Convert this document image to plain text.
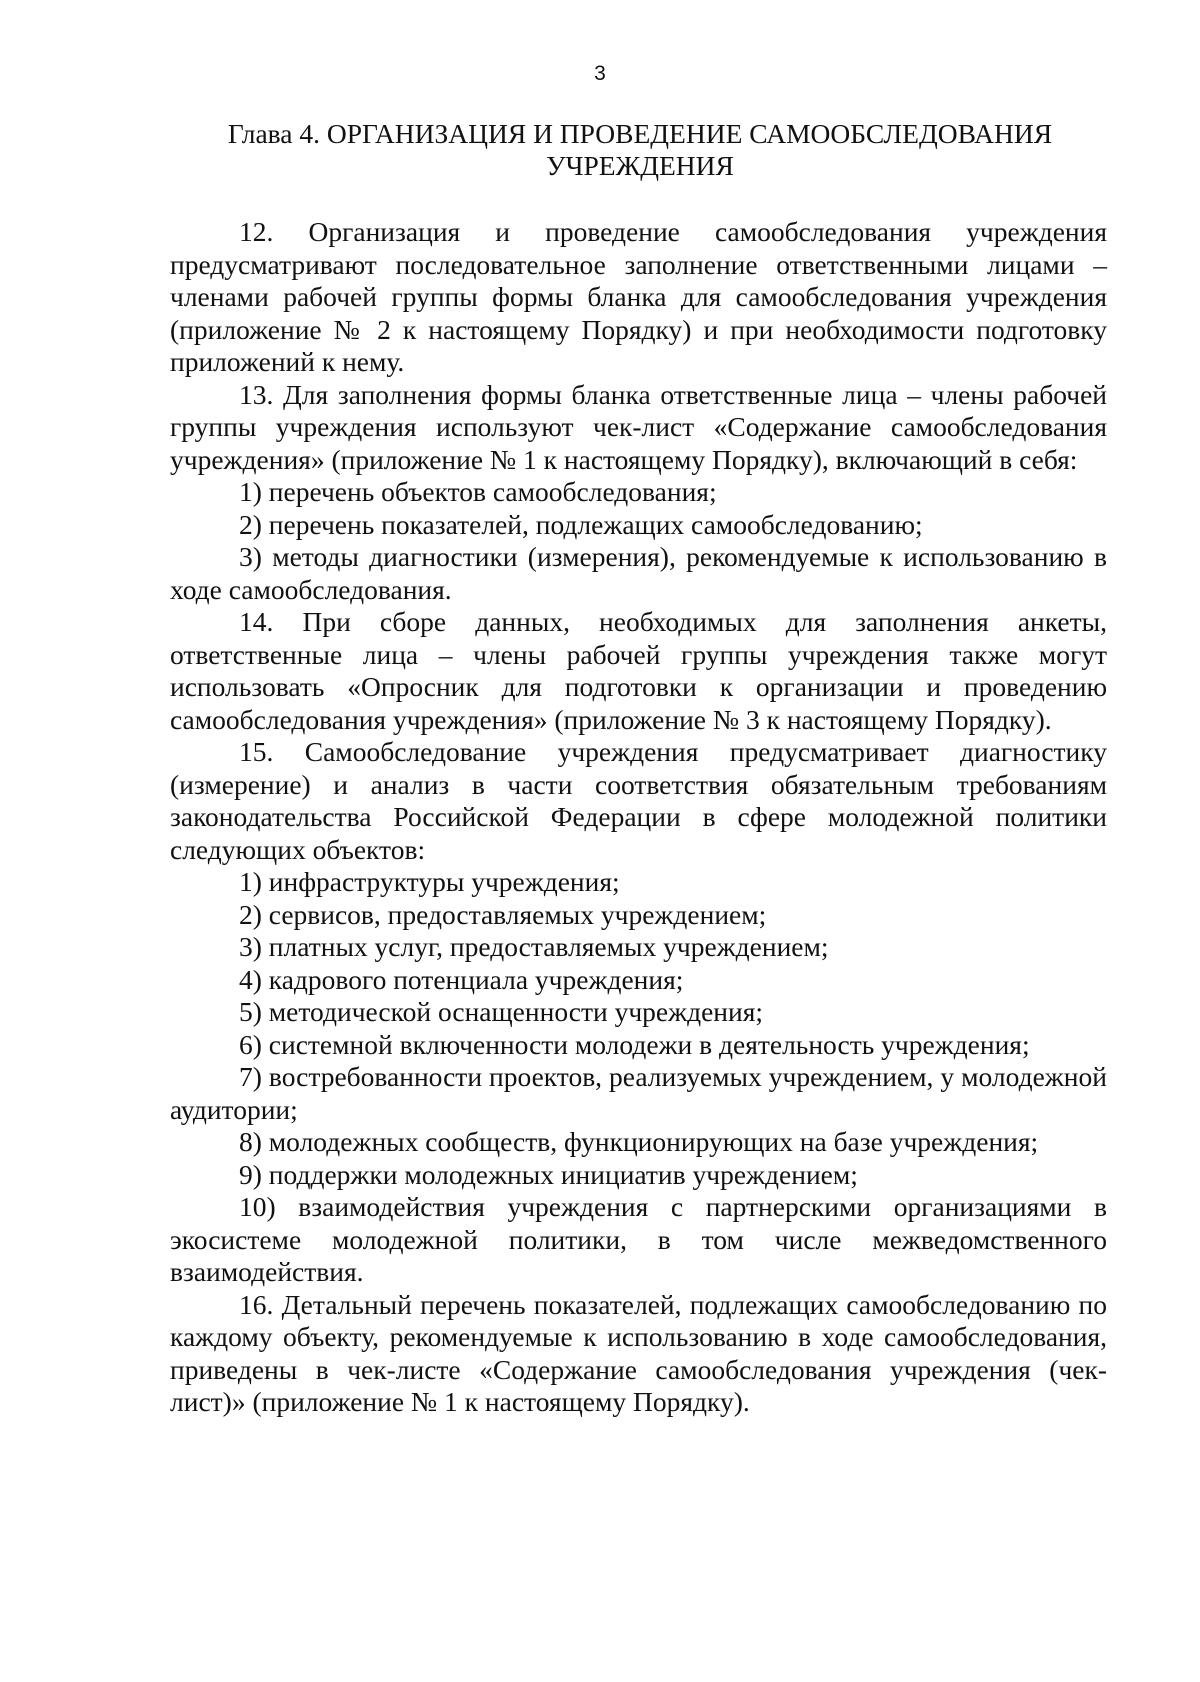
3
Глава 4. ОРГАНИЗАЦИЯ И ПРОВЕДЕНИЕ САМООБСЛЕДОВАНИЯ
УЧРЕЖДЕНИЯ

12. Организация и проведение самообследования учреждения предусматривают последовательное заполнение ответственными лицами – членами рабочей группы формы бланка для самообследования учреждения (приложение № 2 к настоящему Порядку) и при необходимости подготовку приложений к нему.

13. Для заполнения формы бланка ответственные лица – члены рабочей группы учреждения используют чек-лист «Содержание самообследования учреждения» (приложение № 1 к настоящему Порядку), включающий в себя:

1) перечень объектов самообследования;

2) перечень показателей, подлежащих самообследованию;

3) методы диагностики (измерения), рекомендуемые к использованию в ходе самообследования.

14. При сборе данных, необходимых для заполнения анкеты, ответственные лица – члены рабочей группы учреждения также могут использовать «Опросник для подготовки к организации и проведению самообследования учреждения» (приложение № 3 к настоящему Порядку).

15. Самообследование учреждения предусматривает диагностику (измерение) и анализ в части соответствия обязательным требованиям законодательства Российской Федерации в сфере молодежной политики следующих объектов:

1) инфраструктуры учреждения;

2) сервисов, предоставляемых учреждением;

3) платных услуг, предоставляемых учреждением;

4) кадрового потенциала учреждения;

5) методической оснащенности учреждения;

6) системной включенности молодежи в деятельность учреждения;

7) востребованности проектов, реализуемых учреждением, у молодежной аудитории;

8) молодежных сообществ, функционирующих на базе учреждения;

9) поддержки молодежных инициатив учреждением;

10) взаимодействия учреждения с партнерскими организациями в экосистеме молодежной политики, в том числе межведомственного взаимодействия.

16. Детальный перечень показателей, подлежащих самообследованию по каждому объекту, рекомендуемые к использованию в ходе самообследования, приведены в чек-листе «Содержание самообследования учреждения (чек-лист)» (приложение № 1 к настоящему Порядку).
